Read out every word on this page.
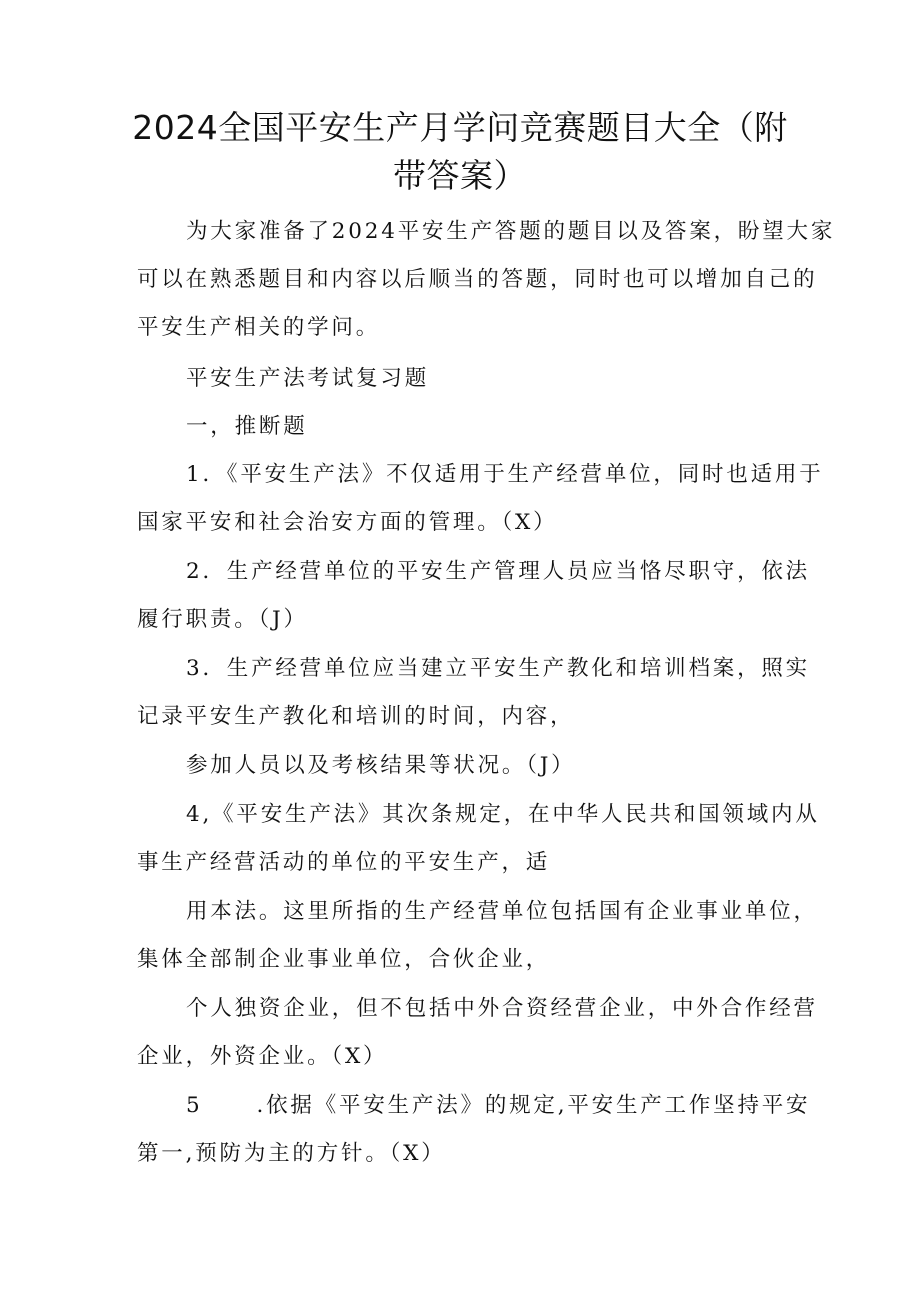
2024全国平安生产月学问竞赛题目大全（附
带答案）
为大家准备了2024平安生产答题的题目以及答案，盼望大家
可以在熟悉题目和内容以后顺当的答题，同时也可以增加自己的
平安生产相关的学问。
平安生产法考试复习题
一，推断题
1．《平安生产法》不仅适用于生产经营单位，同时也适用于
国家平安和社会治安方面的管理。（X）
2．生产经营单位的平安生产管理人员应当恪尽职守，依法
履行职责。（J）
3．生产经营单位应当建立平安生产教化和培训档案，照实
记录平安生产教化和培训的时间，内容，
参加人员以及考核结果等状况。（J）
4,《平安生产法》其次条规定，在中华人民共和国领域内从
事生产经营活动的单位的平安生产，适
用本法。这里所指的生产经营单位包括国有企业事业单位，
集体全部制企业事业单位，合伙企业，
个人独资企业，但不包括中外合资经营企业，中外合作经营
企业，外资企业。（X）
5	.依据《平安生产法》的规定,平安生产工作坚持平安
第一,预防为主的方针。（X）
